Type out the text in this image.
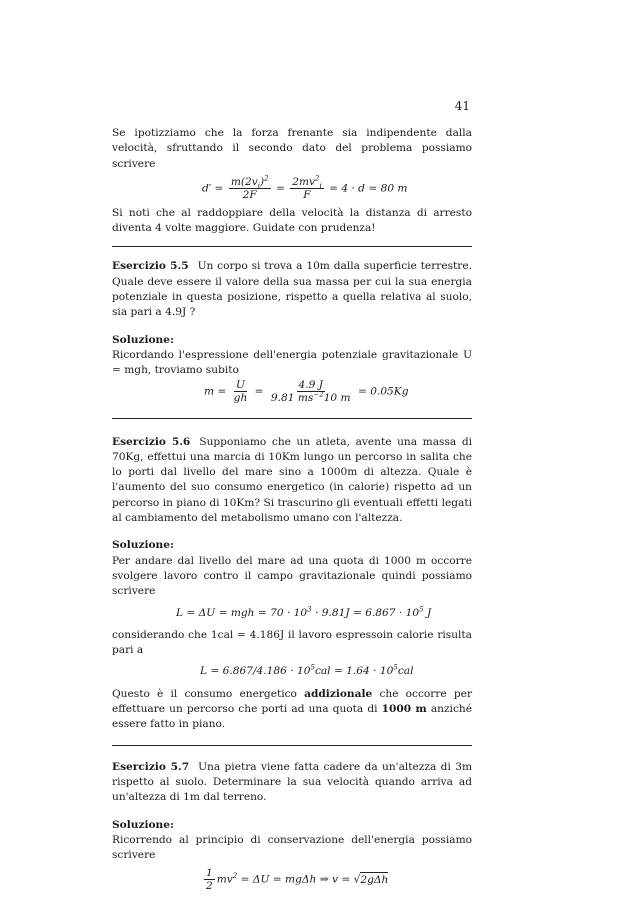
41

Se ipotizziamo che la forza frenante sia indipendente dalla velocità, sfruttando il secondo dato del problema possiamo scrivere

$d' = \frac{m(2v_i)^2}{2F} = \frac{2mv^2_i}{F} = 4 \cdot d = 80$ m

Si noti che al raddoppiare della velocità la distanza di arresto diventa 4 volte maggiore. Guidate con prudenza!

Esercizio 5.5 Un corpo si trova a 10m dalla superficie terrestre. Quale deve essere il valore della sua massa per cui la sua energia potenziale in questa posizione, rispetto a quella relativa al suolo, sia pari a 4.9J ?

Soluzione:

Ricordando l'espressione dell'energia potenziale gravitazionale U = mgh, troviamo subito

$m = \frac{U}{gh} = \frac{4.9 J}{9.81 ms^{-2}10 m} = 0.05Kg$

Esercizio 5.6 Supponiamo che un atleta, avente una massa di 70Kg, effettui una marcia di 10Km lungo un percorso in salita che lo porti dal livello del mare sino a 1000m di altezza. Quale è l'aumento del suo consumo energetico (in calorie) rispetto ad un percorso in piano di 10Km? Si trascurino gli eventuali effetti legati al cambiamento del metabolismo umano con l'altezza.

Soluzione:

Per andare dal livello del mare ad una quota di 1000 m occorre svolgere lavoro contro il campo gravitazionale quindi possiamo scrivere

L = ΔU = mgh = $70 \cdot 10^3 \cdot 9.81J = 6.867 \cdot 10^5$ J

considerando che 1cal = 4.186J il lavoro espressoin calorie risulta pari a

$L = 6.867/4.186 \cdot 10^5cal = 1.64 \cdot 10^5cal$

Questo è il consumo energetico addizionale che occorre per effettuare un percorso che porti ad una quota di 1000 m anziché essere fatto in piano.

Esercizio 5.7 Una pietra viene fatta cadere da un'altezza di 3m rispetto al suolo. Determinare la sua velocità quando arriva ad un'altezza di 1m dal terreno.

Soluzione:

Ricorrendo al principio di conservazione dell'energia possiamo scrivere

$\frac{1}{2} mv^2 = \Delta U = mg\Delta h$ ⇒ v = √2gΔh
